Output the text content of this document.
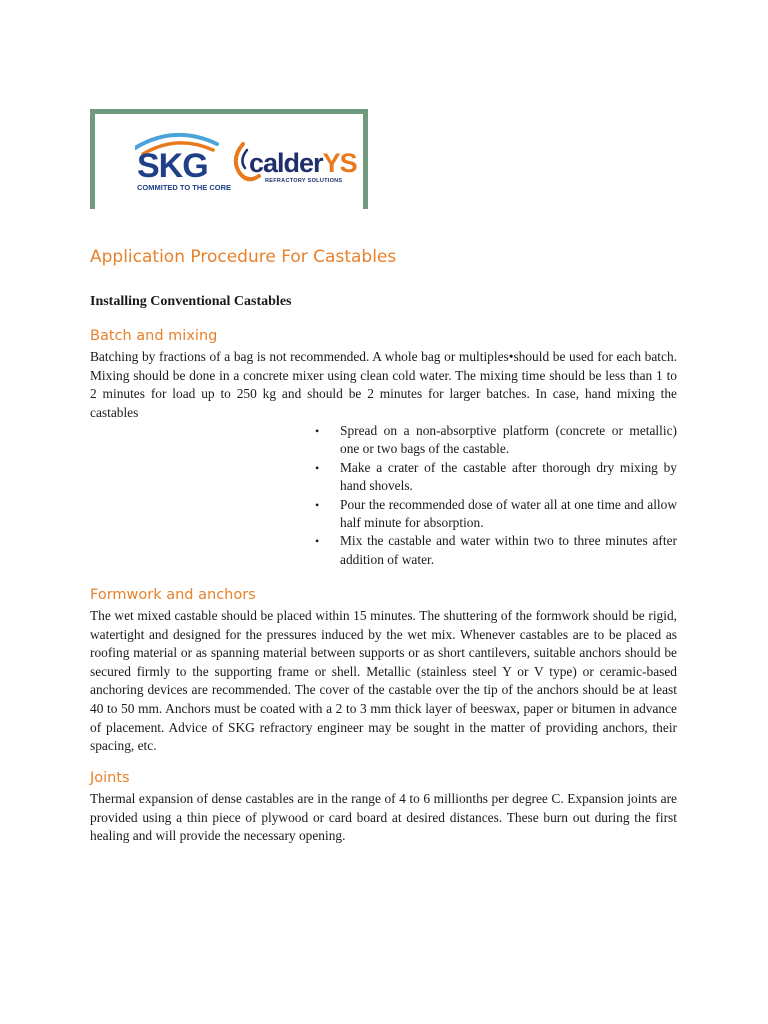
SKG
COMMITED TO THE CORE
calderYS
REFRACTORY SOLUTIONS
Application Procedure For Castables

Installing Conventional Castables

Batch and mixing

Batching by fractions of a bag is not recommended. A whole bag or multiples•should be used for each batch. Mixing should be done in a concrete mixer using clean cold water. The mixing time should be less than 1 to 2 minutes for load up to 250 kg and should be 2 minutes for larger batches. In case, hand mixing the castables

• Spread on a non-absorptive platform (concrete or metallic) one or two bags of the castable.
• Make a crater of the castable after thorough dry mixing by hand shovels.
• Pour the recommended dose of water all at one time and allow half minute for absorption.
• Mix the castable and water within two to three minutes after addition of water.
Formwork and anchors

The wet mixed castable should be placed within 15 minutes. The shuttering of the formwork should be rigid, watertight and designed for the pressures induced by the wet mix. Whenever castables are to be placed as roofing material or as spanning material between supports or as short cantilevers, suitable anchors should be secured firmly to the supporting frame or shell. Metallic (stainless steel Y or V type) or ceramic-based anchoring devices are recommended. The cover of the castable over the tip of the anchors should be at least 40 to 50 mm. Anchors must be coated with a 2 to 3 mm thick layer of beeswax, paper or bitumen in advance of placement. Advice of SKG refractory engineer may be sought in the matter of providing anchors, their spacing, etc.

Joints

Thermal expansion of dense castables are in the range of 4 to 6 millionths per degree C. Expansion joints are provided using a thin piece of plywood or card board at desired distances. These burn out during the first healing and will provide the necessary opening.
